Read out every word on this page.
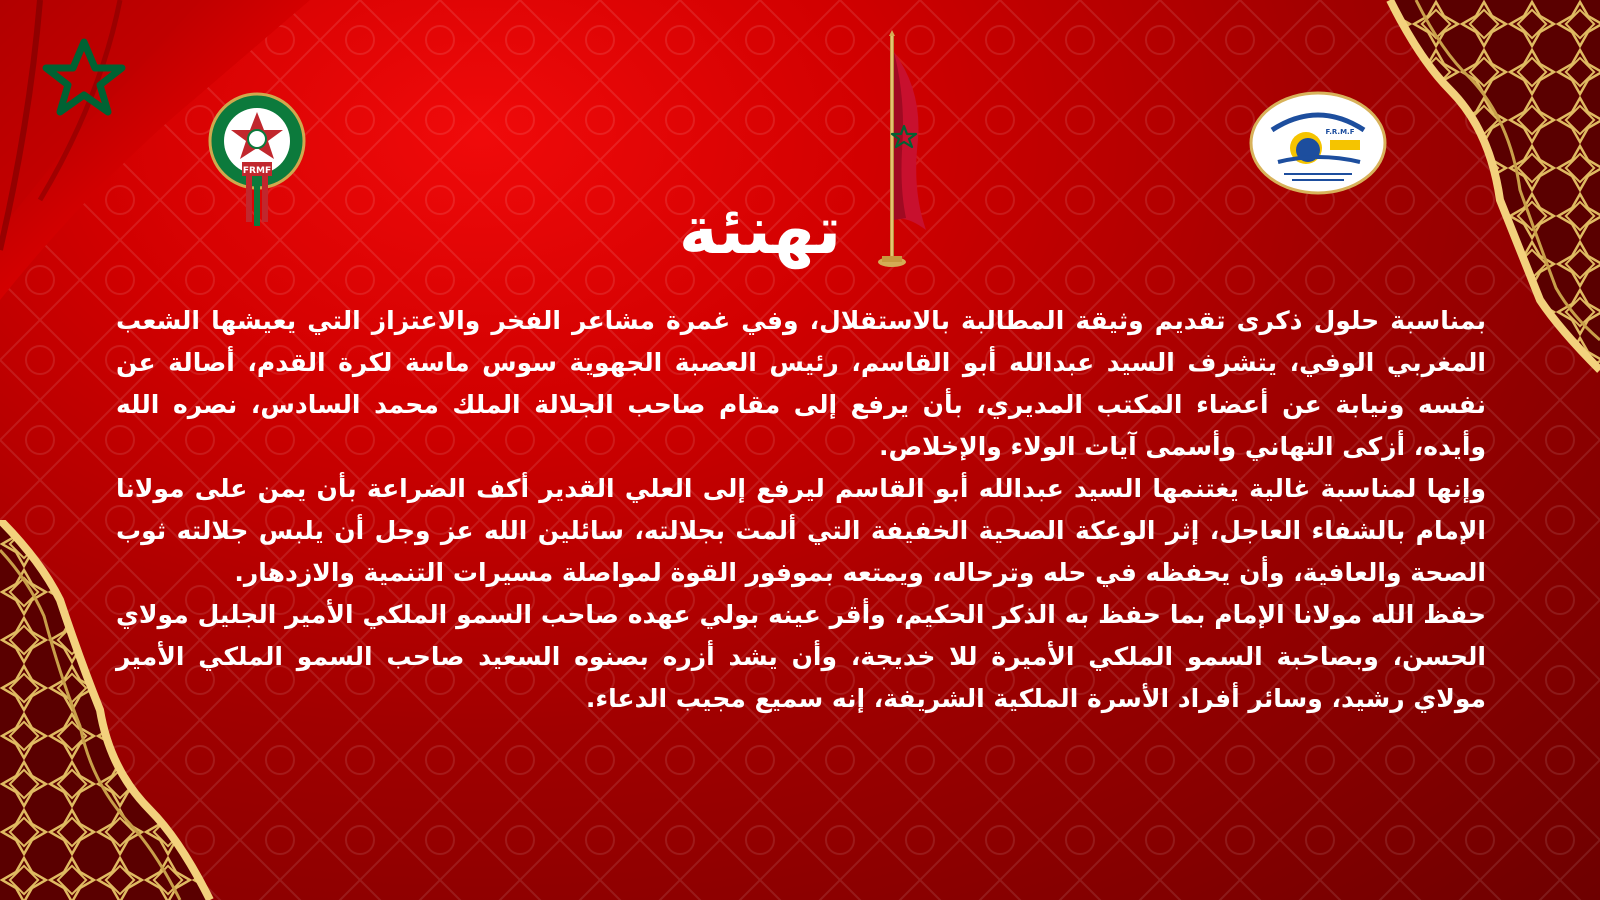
FRMF
F.R.M.F
تهنئة

بمناسبة حلول ذكرى تقديم وثيقة المطالبة بالاستقلال، وفي غمرة مشاعر الفخر والاعتزاز التي يعيشها الشعب المغربي الوفي، يتشرف السيد عبدالله أبو القاسم، رئيس العصبة الجهوية سوس ماسة لكرة القدم، أصالة عن نفسه ونيابة عن أعضاء المكتب المديري، بأن يرفع إلى مقام صاحب الجلالة الملك محمد السادس، نصره الله وأيده، أزكى التهاني وأسمى آيات الولاء والإخلاص.

وإنها لمناسبة غالية يغتنمها السيد عبدالله أبو القاسم ليرفع إلى العلي القدير أكف الضراعة بأن يمن على مولانا الإمام بالشفاء العاجل، إثر الوعكة الصحية الخفيفة التي ألمت بجلالته، سائلين الله عز وجل أن يلبس جلالته ثوب الصحة والعافية، وأن يحفظه في حله وترحاله، ويمتعه بموفور القوة لمواصلة مسيرات التنمية والازدهار.

حفظ الله مولانا الإمام بما حفظ به الذكر الحكيم، وأقر عينه بولي عهده صاحب السمو الملكي الأمير الجليل مولاي الحسن، وبصاحبة السمو الملكي الأميرة للا خديجة، وأن يشد أزره بصنوه السعيد صاحب السمو الملكي الأمير مولاي رشيد، وسائر أفراد الأسرة الملكية الشريفة، إنه سميع مجيب الدعاء.
